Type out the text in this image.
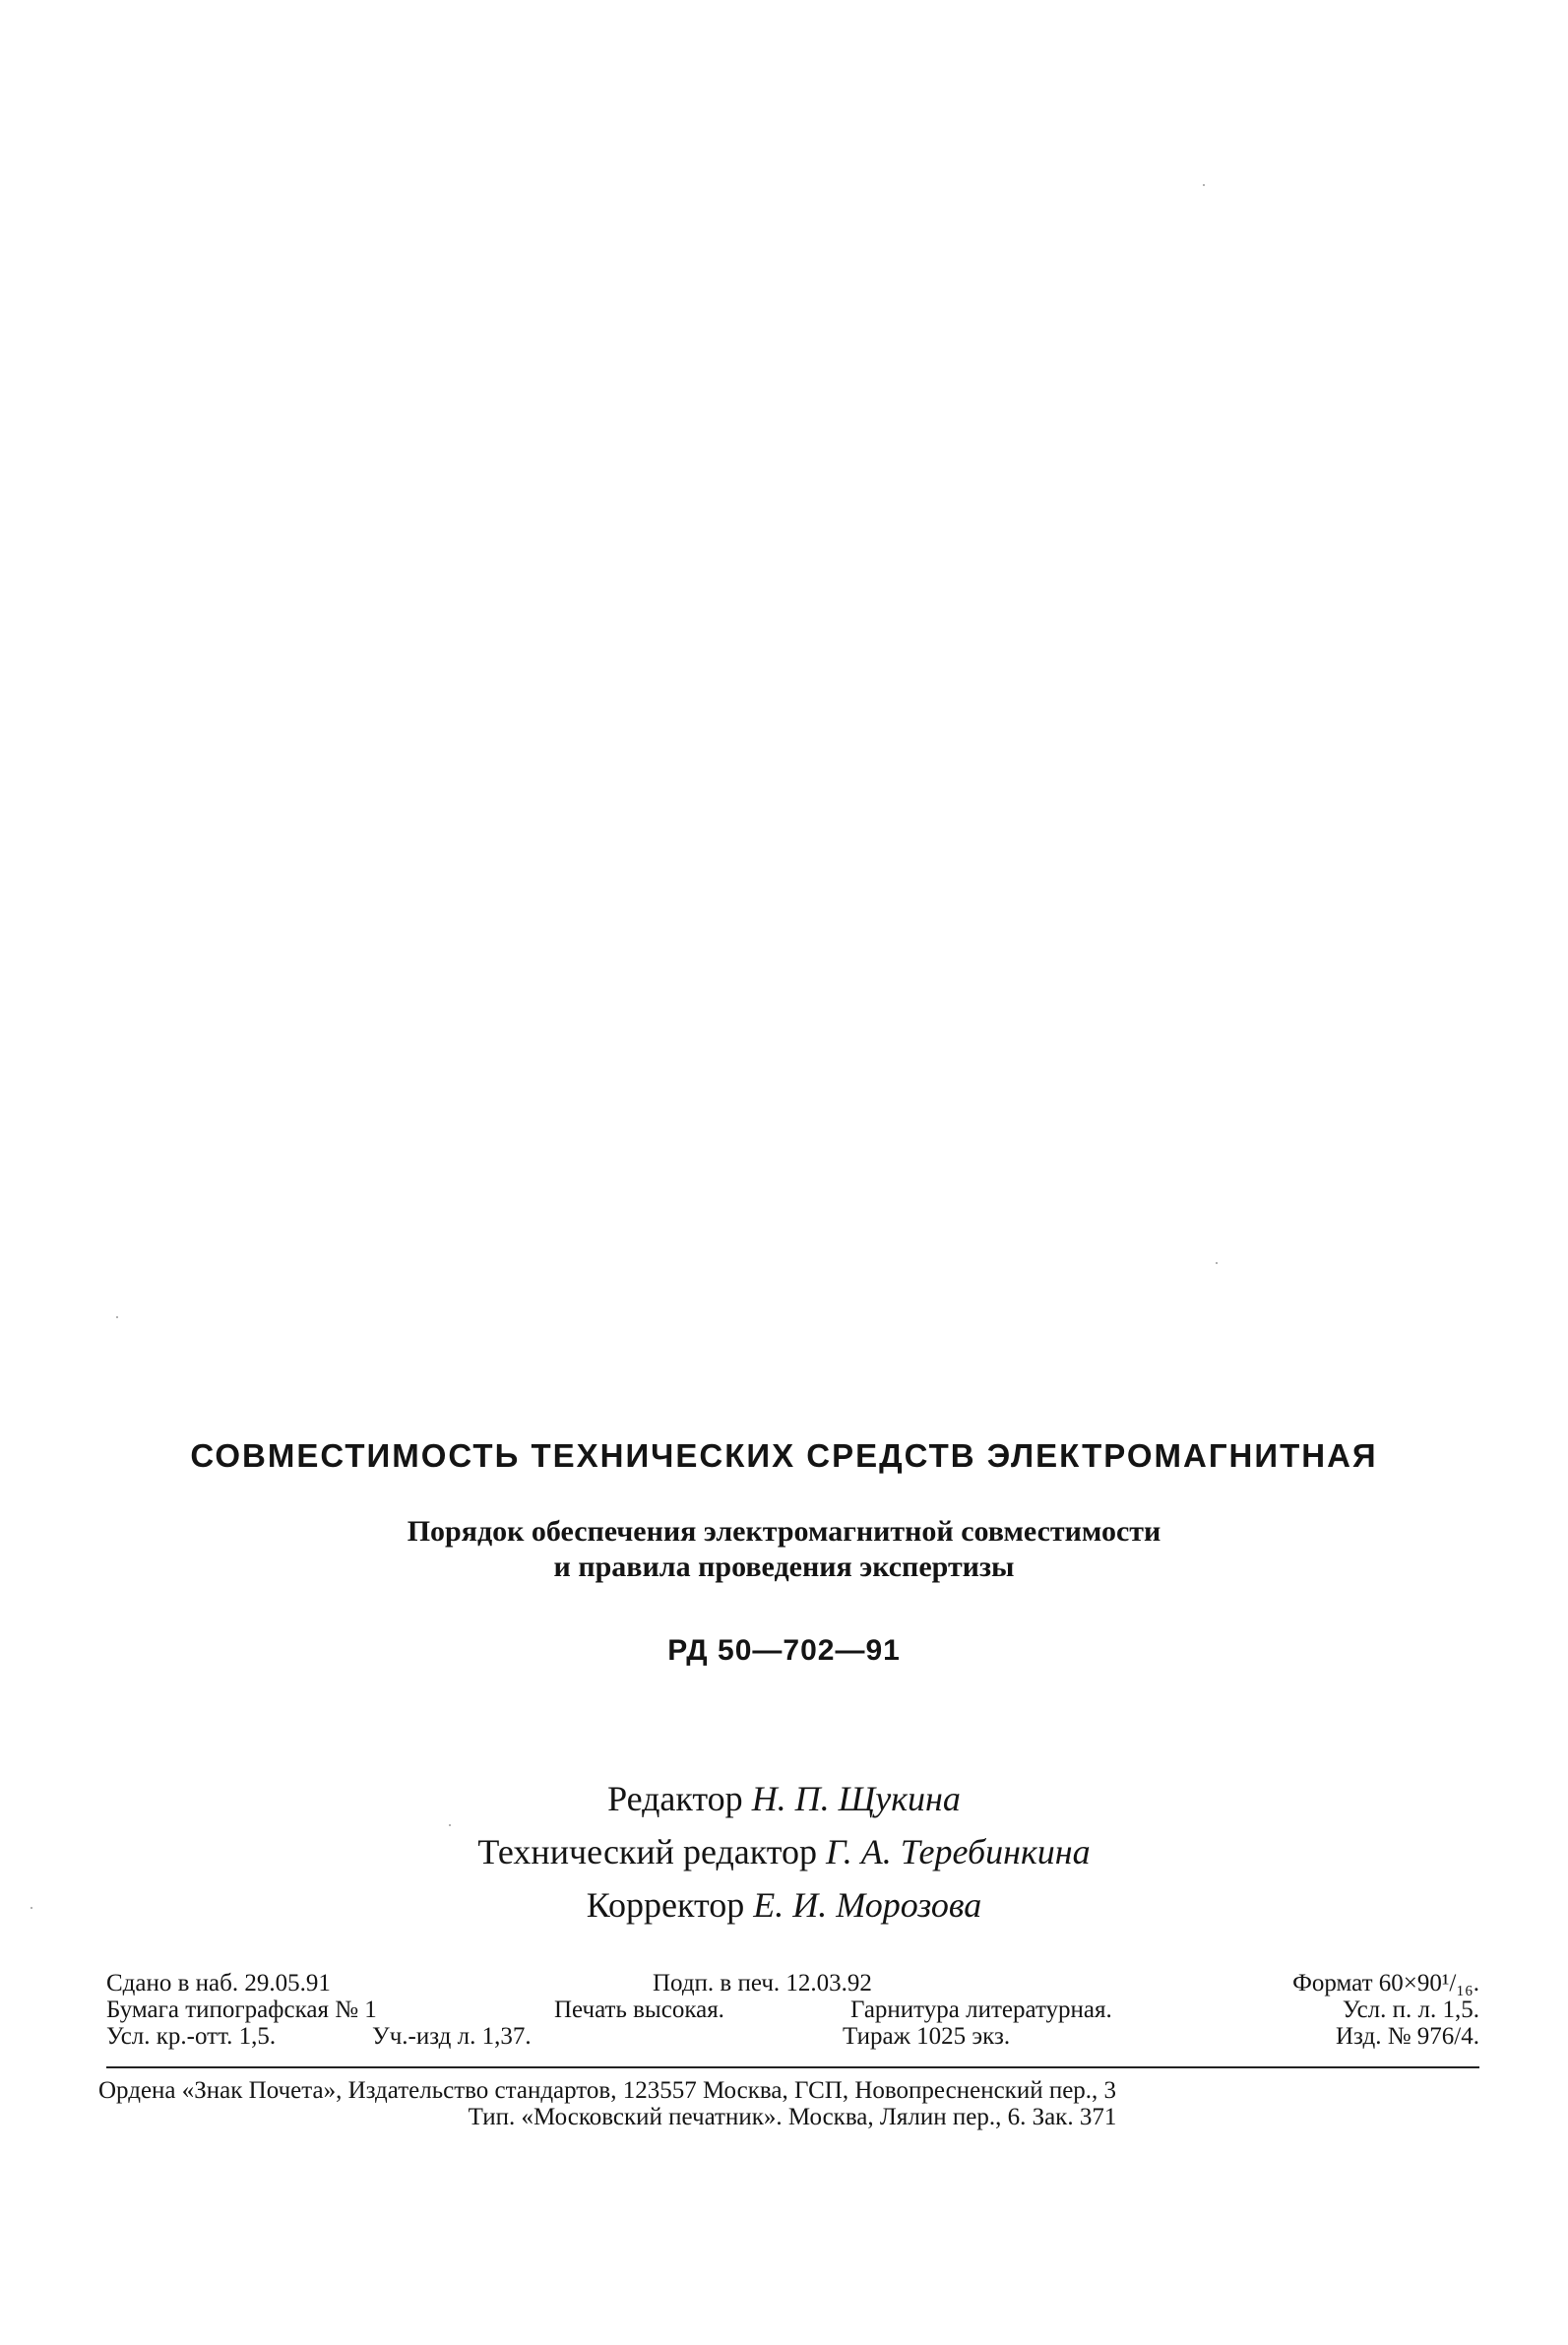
СОВМЕСТИМОСТЬ ТЕХНИЧЕСКИХ СРЕДСТВ ЭЛЕКТРОМАГНИТНАЯ
Порядок обеспечения электромагнитной совместимости
и правила проведения экспертизы
РД 50—702—91
Редактор Н. П. Щукина
Технический редактор Г. А. Теребинкина
Корректор Е. И. Морозова
Сдано в наб. 29.05.91	Подп. в печ. 12.03.92	Формат 60×90¹/₁₆.
Бумага типографская № 1	Печать высокая.	Гарнитура литературная.	Усл. п. л. 1,5.
Усл. кр.-отт. 1,5.	Уч.-изд л. 1,37.	Тираж 1025 экз.	Изд. № 976/4.
Ордена «Знак Почета», Издательство стандартов, 123557 Москва, ГСП, Новопресненский пер., 3
Тип. «Московский печатник». Москва, Лялин пер., 6. Зак. 371
